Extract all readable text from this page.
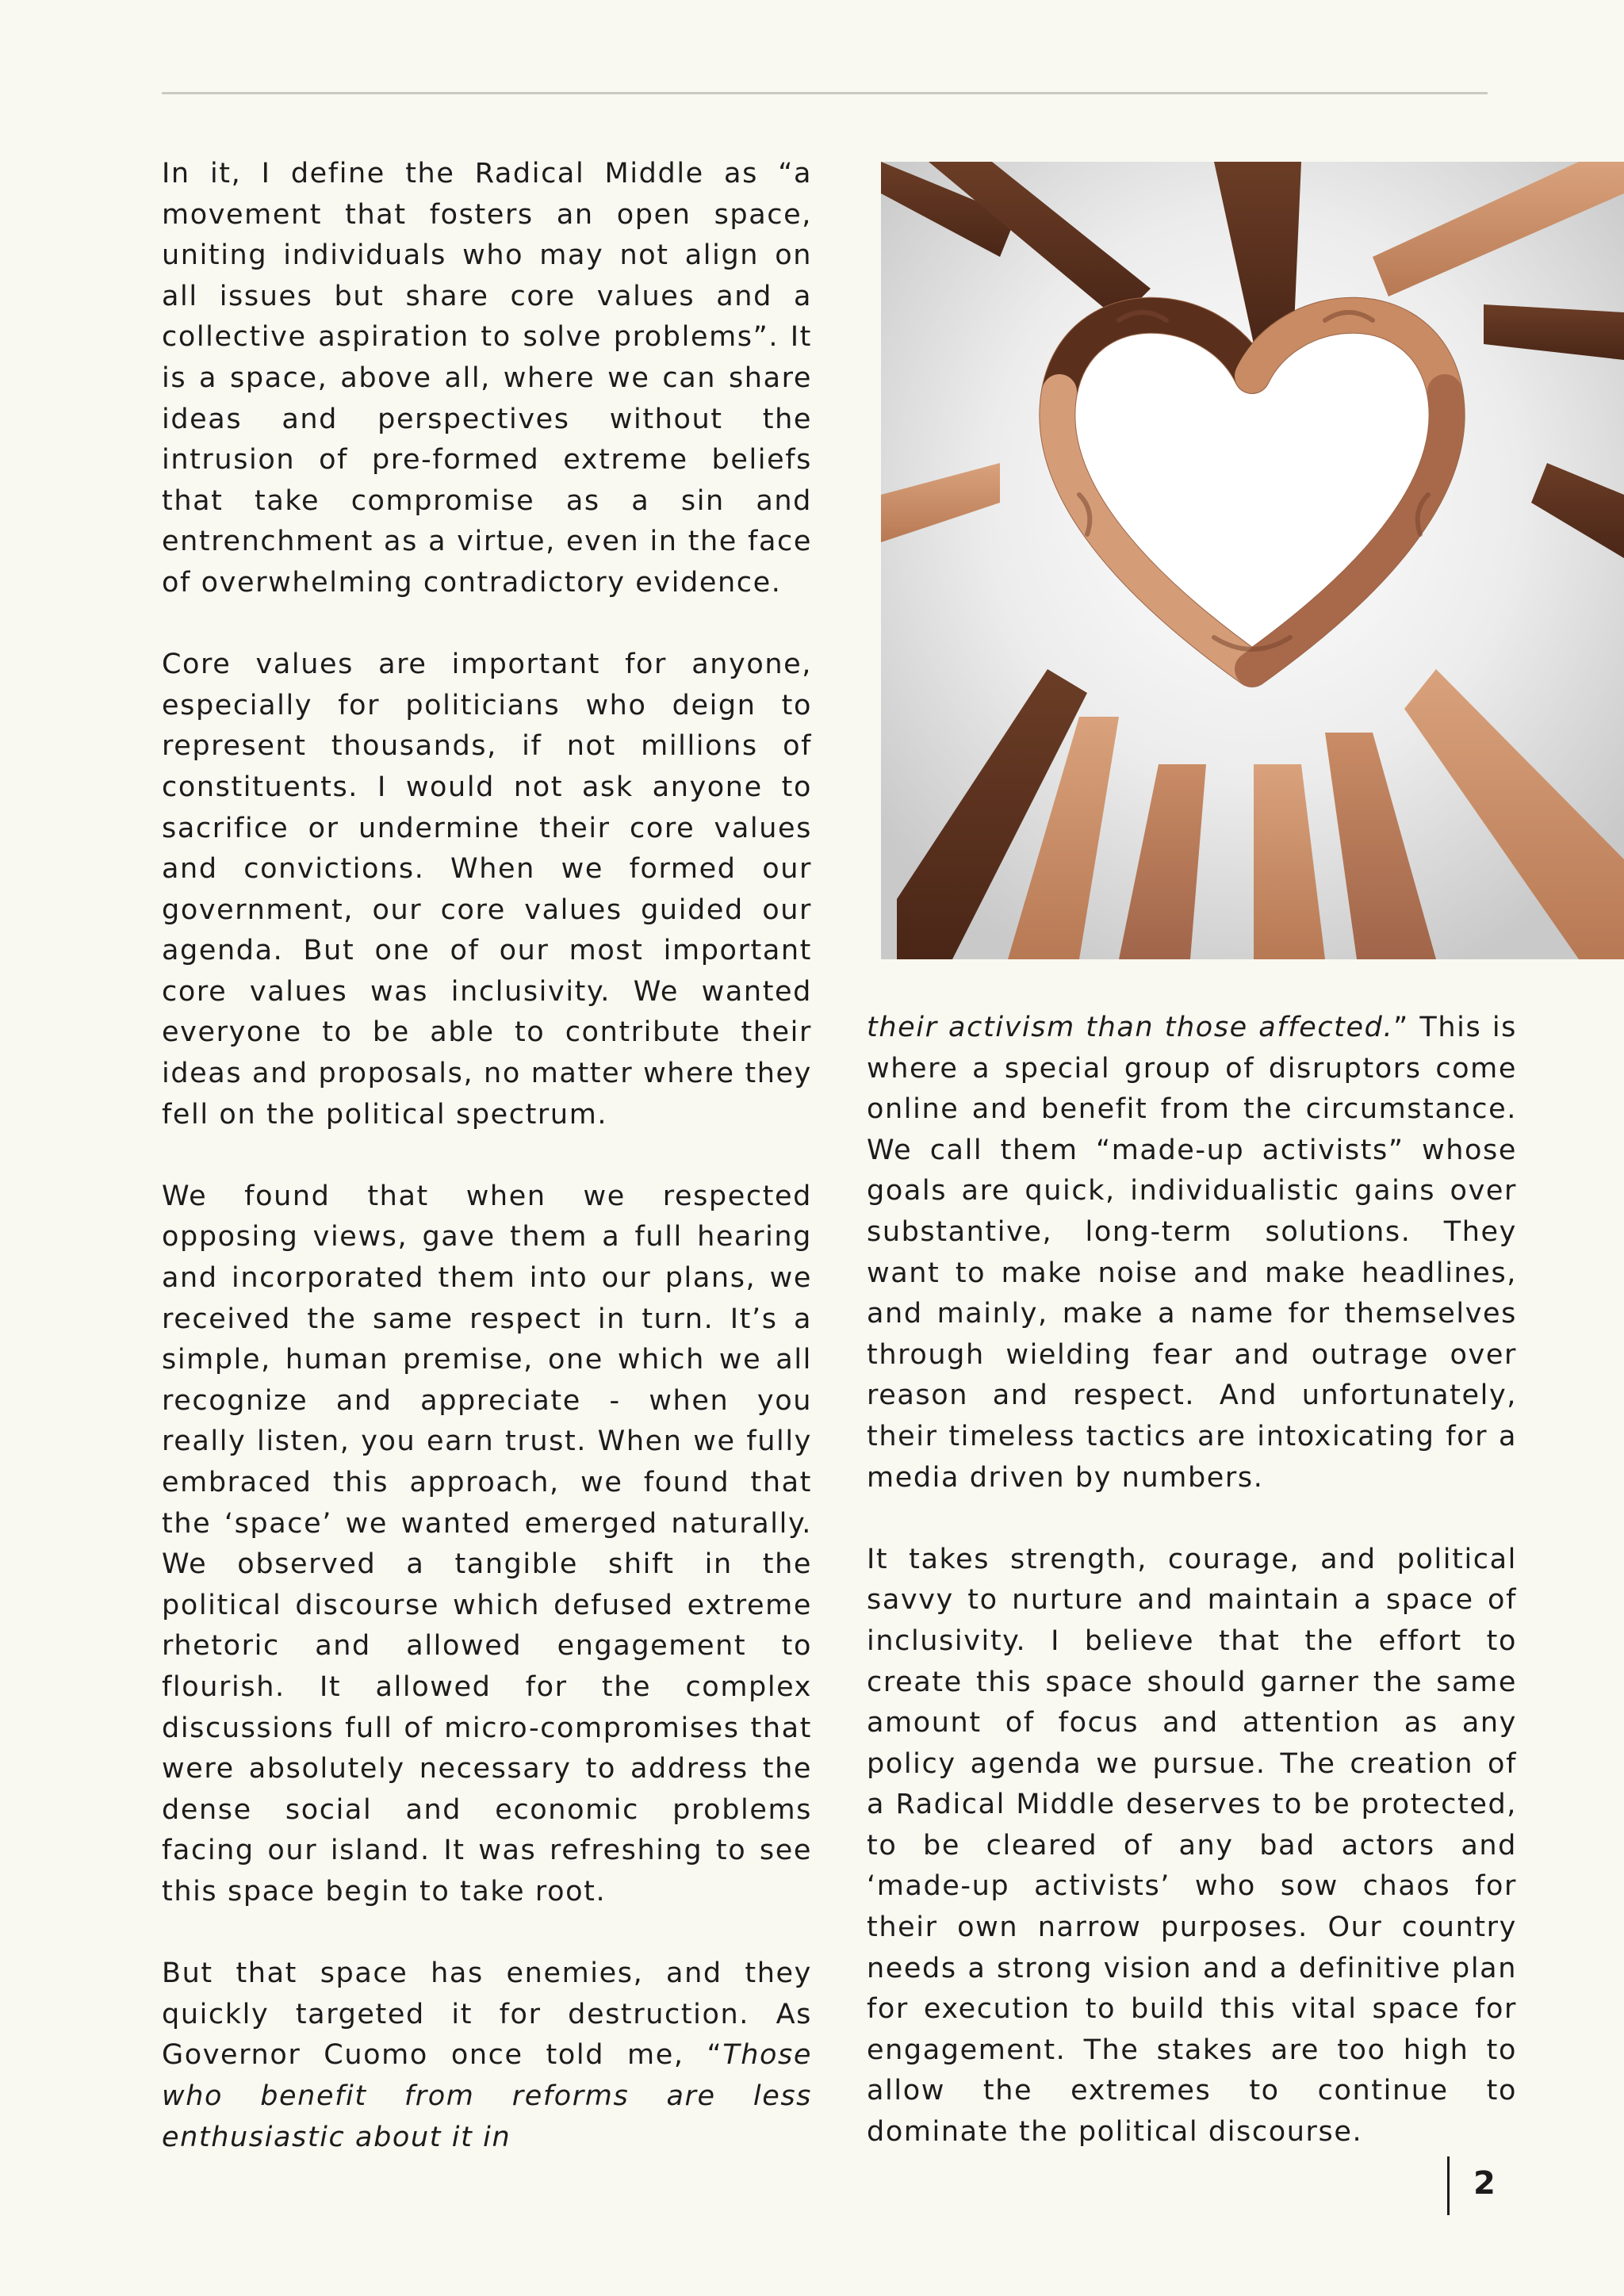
In it, I define the Radical Middle as “a movement that fosters an open space, uniting individuals who may not align on all issues but share core values and a collective aspiration to solve problems”. It is a space, above all, where we can share ideas and perspectives without the intrusion of pre-formed extreme beliefs that take compromise as a sin and entrenchment as a virtue, even in the face of overwhelming contradictory evidence.

Core values are important for anyone, especially for politicians who deign to represent thousands, if not millions of constituents. I would not ask anyone to sacrifice or undermine their core values and convictions. When we formed our government, our core values guided our agenda. But one of our most important core values was inclusivity. We wanted everyone to be able to contribute their ideas and proposals, no matter where they fell on the political spectrum.

We found that when we respected opposing views, gave them a full hearing and incorporated them into our plans, we received the same respect in turn. It’s a simple, human premise, one which we all recognize and appreciate - when you really listen, you earn trust. When we fully embraced this approach, we found that the ‘space’ we wanted emerged naturally. We observed a tangible shift in the political discourse which defused extreme rhetoric and allowed engagement to flourish. It allowed for the complex discussions full of micro-compromises that were absolutely necessary to address the dense social and economic problems facing our island. It was refreshing to see this space begin to take root.

But that space has enemies, and they quickly targeted it for destruction. As Governor Cuomo once told me, “Those who benefit from reforms are less enthusiastic about it in

their activism than those affected.” This is where a special group of disruptors come online and benefit from the circumstance. We call them “made-up activists” whose goals are quick, individualistic gains over substantive, long-term solutions. They want to make noise and make headlines, and mainly, make a name for themselves through wielding fear and outrage over reason and respect. And unfortunately, their timeless tactics are intoxicating for a media driven by numbers.

It takes strength, courage, and political savvy to nurture and maintain a space of inclusivity. I believe that the effort to create this space should garner the same amount of focus and attention as any policy agenda we pursue. The creation of a Radical Middle deserves to be protected, to be cleared of any bad actors and ‘made-up activists’ who sow chaos for their own narrow purposes. Our country needs a strong vision and a definitive plan for execution to build this vital space for engagement. The stakes are too high to allow the extremes to continue to dominate the political discourse.

2
